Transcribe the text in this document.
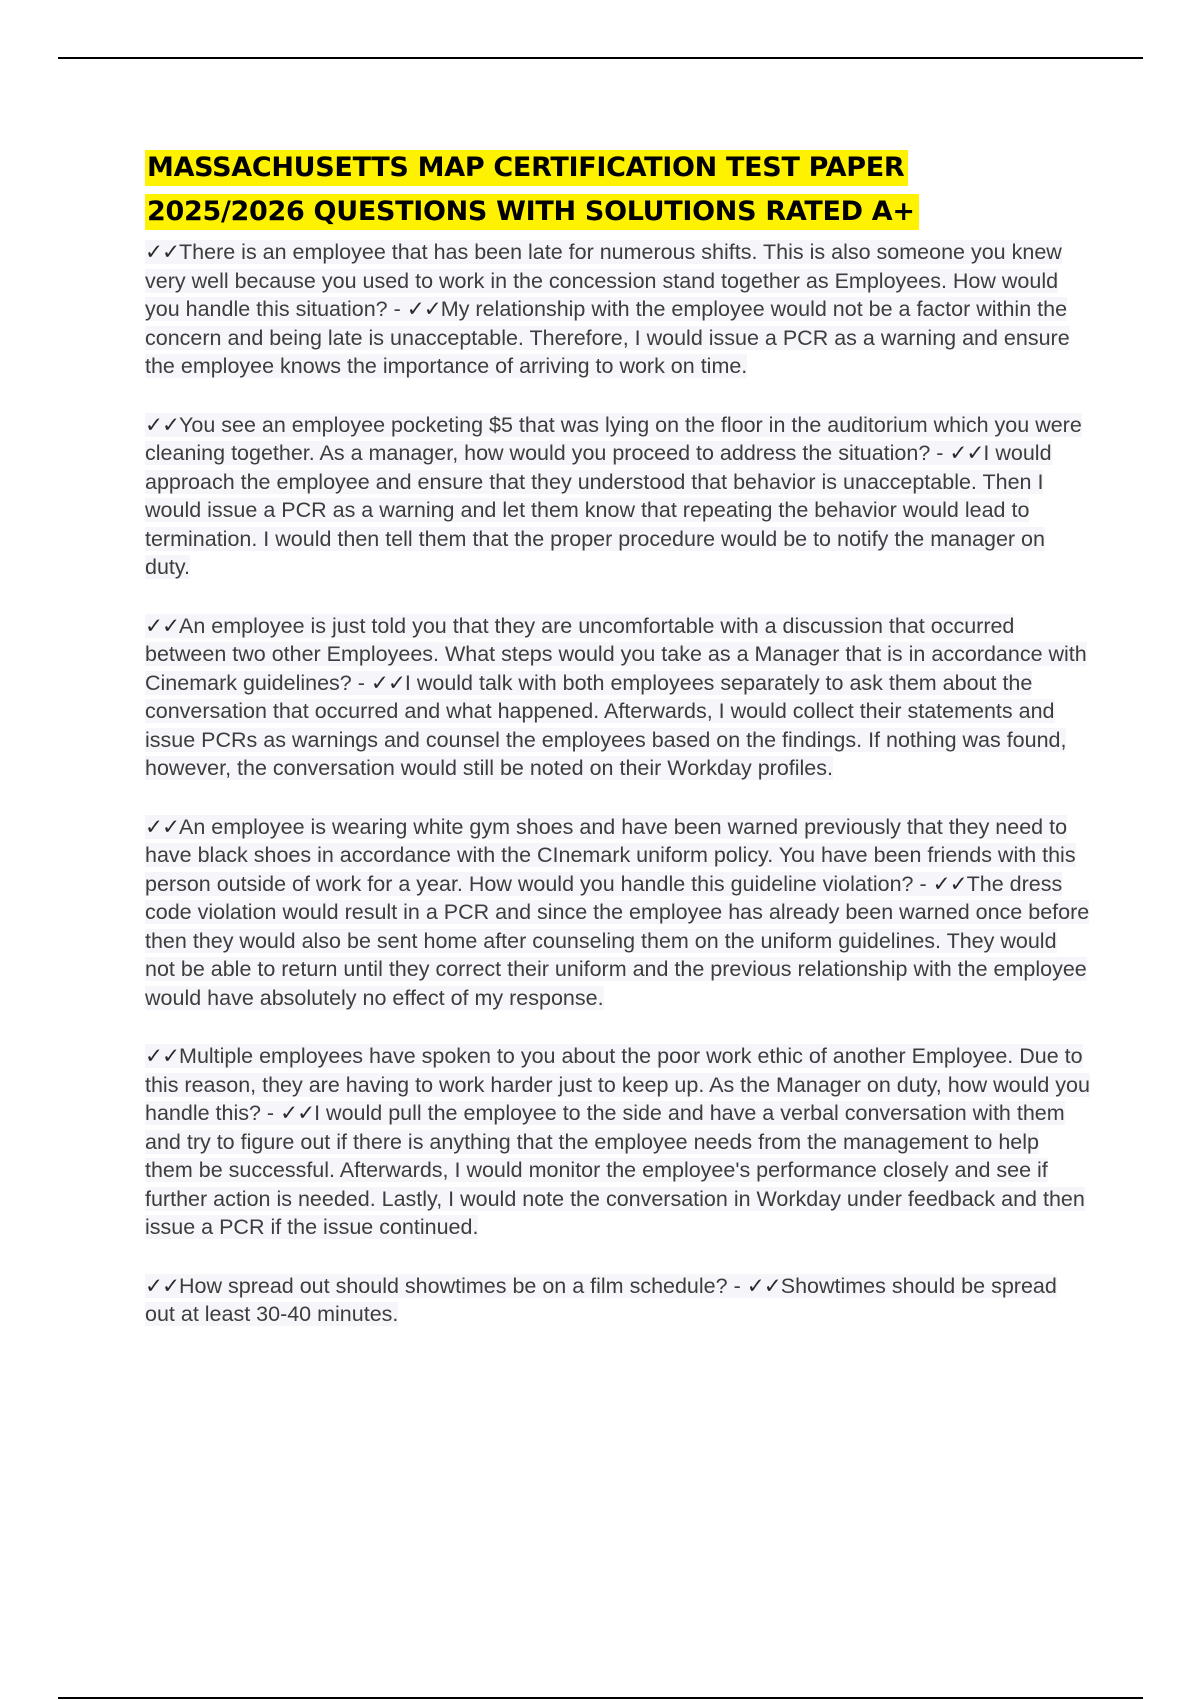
MASSACHUSETTS MAP CERTIFICATION TEST PAPER
2025/2026 QUESTIONS WITH SOLUTIONS RATED A+

✓✓There is an employee that has been late for numerous shifts. This is also someone you knew very well because you used to work in the concession stand together as Employees. How would you handle this situation? - ✓✓My relationship with the employee would not be a factor within the concern and being late is unacceptable. Therefore, I would issue a PCR as a warning and ensure the employee knows the importance of arriving to work on time.

✓✓You see an employee pocketing $5 that was lying on the floor in the auditorium which you were cleaning together. As a manager, how would you proceed to address the situation? - ✓✓I would approach the employee and ensure that they understood that behavior is unacceptable. Then I would issue a PCR as a warning and let them know that repeating the behavior would lead to termination. I would then tell them that the proper procedure would be to notify the manager on duty.

✓✓An employee is just told you that they are uncomfortable with a discussion that occurred between two other Employees. What steps would you take as a Manager that is in accordance with Cinemark guidelines? - ✓✓I would talk with both employees separately to ask them about the conversation that occurred and what happened. Afterwards, I would collect their statements and issue PCRs as warnings and counsel the employees based on the findings. If nothing was found, however, the conversation would still be noted on their Workday profiles.

✓✓An employee is wearing white gym shoes and have been warned previously that they need to have black shoes in accordance with the CInemark uniform policy. You have been friends with this person outside of work for a year. How would you handle this guideline violation? - ✓✓The dress code violation would result in a PCR and since the employee has already been warned once before then they would also be sent home after counseling them on the uniform guidelines. They would not be able to return until they correct their uniform and the previous relationship with the employee would have absolutely no effect of my response.

✓✓Multiple employees have spoken to you about the poor work ethic of another Employee. Due to this reason, they are having to work harder just to keep up. As the Manager on duty, how would you handle this? - ✓✓I would pull the employee to the side and have a verbal conversation with them and try to figure out if there is anything that the employee needs from the management to help them be successful. Afterwards, I would monitor the employee's performance closely and see if further action is needed. Lastly, I would note the conversation in Workday under feedback and then issue a PCR if the issue continued.

✓✓How spread out should showtimes be on a film schedule? - ✓✓Showtimes should be spread out at least 30-40 minutes.
